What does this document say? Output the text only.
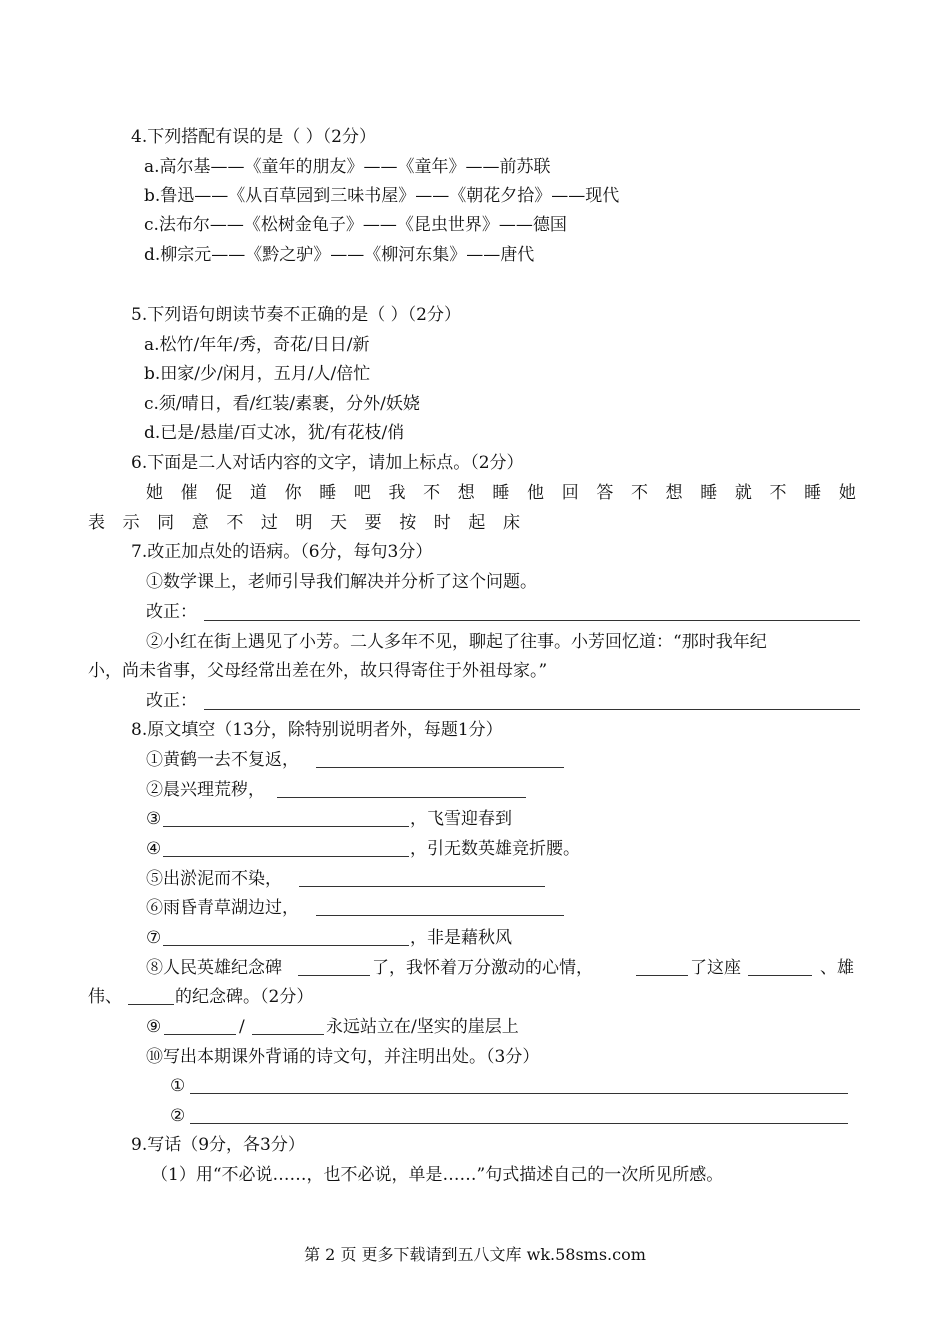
4.下列搭配有误的是（ ）（2分）
a.高尔基——《童年的朋友》——《童年》——前苏联
b.鲁迅——《从百草园到三味书屋》——《朝花夕拾》——现代
c.法布尔——《松树金龟子》——《昆虫世界》——德国
d.柳宗元——《黔之驴》——《柳河东集》——唐代
5.下列语句朗读节奏不正确的是（ ）（2分）
a.松竹/年年/秀，奇花/日日/新
b.田家/少/闲月，五月/人/倍忙
c.须/晴日，看/红装/素裹，分外/妖娆
d.已是/悬崖/百丈冰，犹/有花枝/俏
6.下面是二人对话内容的文字，请加上标点。（2分）
她 催 促 道 你 睡 吧 我 不 想 睡 他 回 答 不 想 睡 就 不 睡 她
表 示 同 意 不 过 明 天 要 按 时 起 床
7.改正加点处的语病。（6分，每句3分）
①数学课上，老师引导我们解决并分析了这个问题。
改正：
②小红在街上遇见了小芳。二人多年不见，聊起了往事。小芳回忆道：“那时我年纪
小，尚未省事，父母经常出差在外，故只得寄住于外祖母家。”
改正：
8.原文填空（13分，除特别说明者外，每题1分）
①黄鹤一去不复返，
②晨兴理荒秽，
③	，飞雪迎春到
④	，引无数英雄竞折腰。
⑤出淤泥而不染，
⑥雨昏青草湖边过，
⑦	，非是藉秋风
⑧人民英雄纪念碑	了，我怀着万分激动的心情，	了这座	、雄
伟、	的纪念碑。（2分）
⑨	/	永远站立在/坚实的崖层上
⑩写出本期课外背诵的诗文句，并注明出处。（3分）
①
②
9.写话（9分，各3分）
（1）用“不必说……，也不必说，单是……”句式描述自己的一次所见所感。
第 2 页 更多下载请到五八文库 wk.58sms.com
